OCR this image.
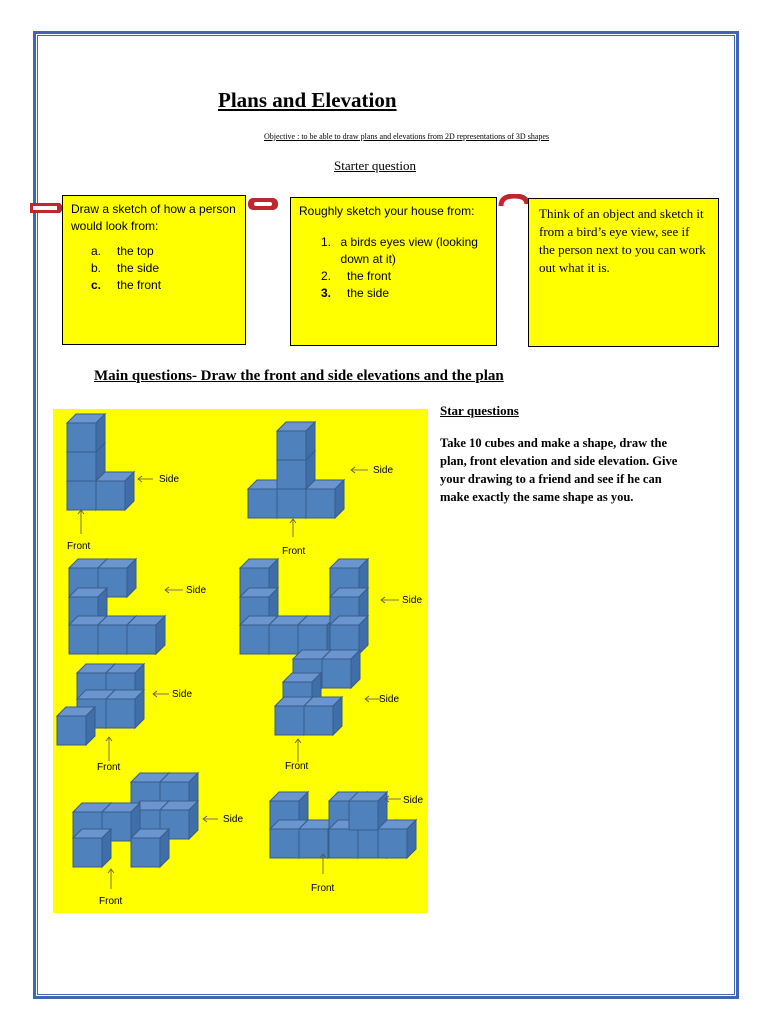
Plans and Elevation
Objective : to be able to draw plans and elevations from 2D representations of 3D shapes
Starter question

Draw a sketch of how a person would look from:

a.	the top
b.	the side
c.	the front

Roughly sketch your house from:

1. a birds eyes view (looking down at it)
2.	the front
3.	the side

Think of an object and sketch it from a bird’s eye view, see if the person next to you can work out what it is.

Main questions- Draw the front and side elevations and the plan
Side
Front
Side
Front
Side
Side
Side
Front
Side
Front
Side
Front
Side
Front
Star questions
Take 10 cubes and make a shape, draw the plan, front elevation and side elevation. Give your drawing to a friend and see if he can make exactly the same shape as you.
